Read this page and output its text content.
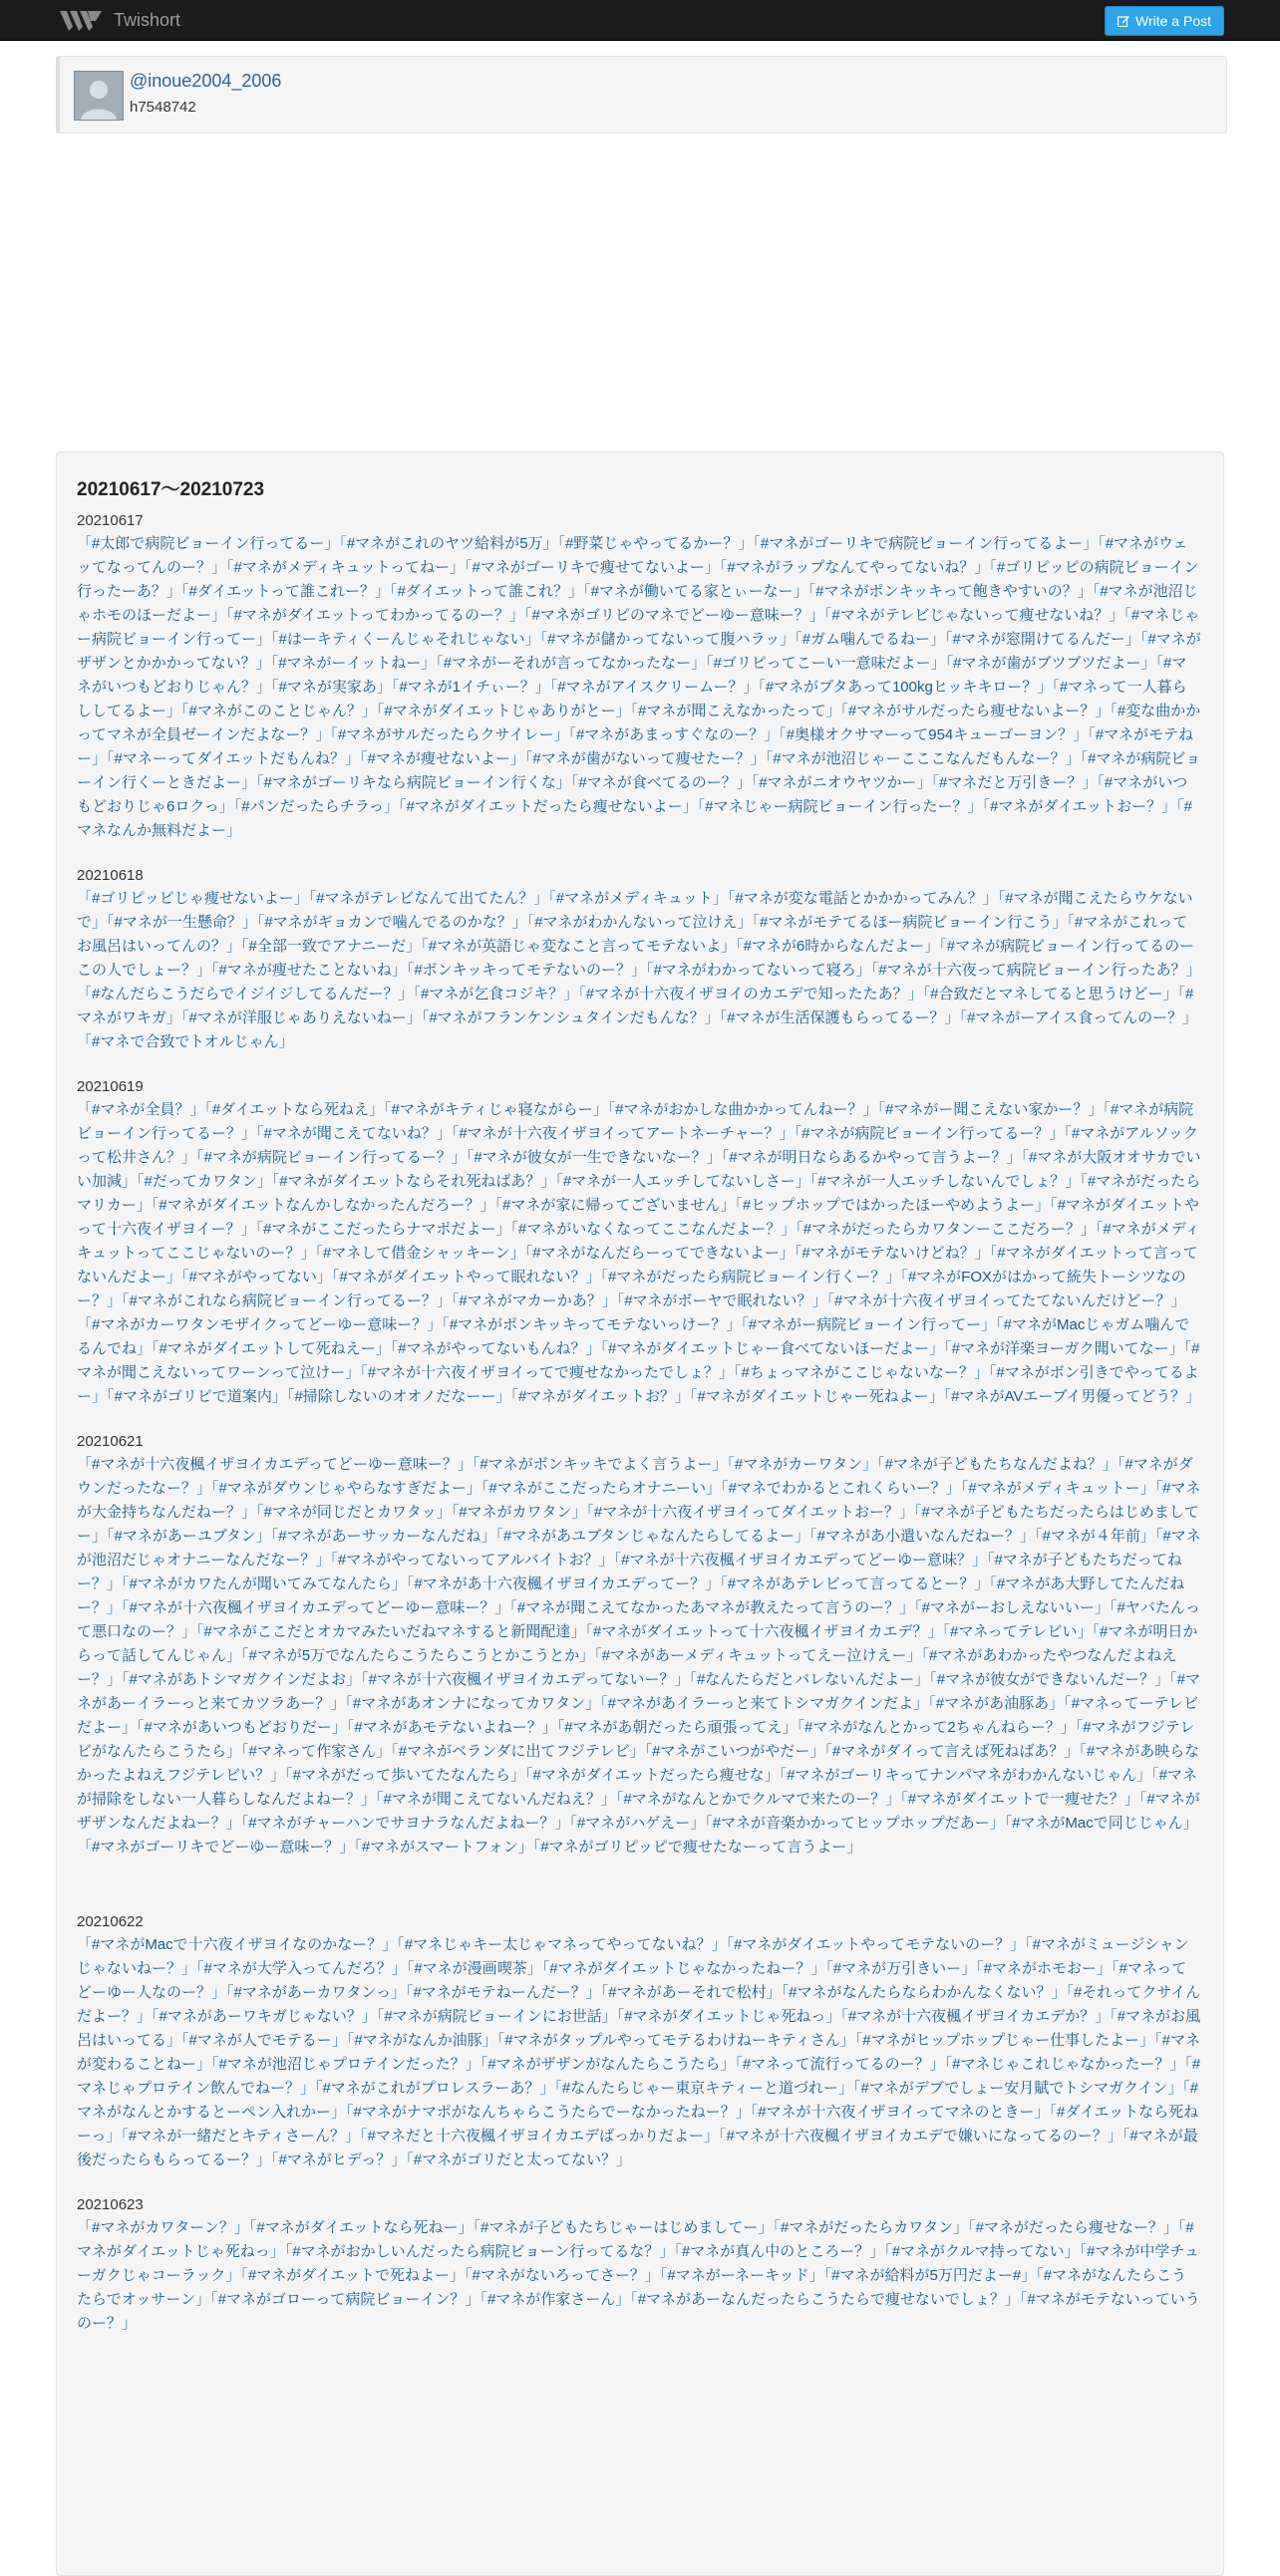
Twishort	Write a Post
@inoue2004_2006
h7548742
20210617～20210723
20210617
「#太郎で病院ビョーイン行ってるー」「#マネがこれのヤツ給料が5万」「#野菜じゃやってるかー？」「#マネがゴーリキで病院ビョーイン行ってるよー」「#マネがウェッてなってんのー？」「#マネがメディキュットってねー」「#マネがゴーリキで痩せてないよー」「#マネがラップなんてやってないね？」「#ゴリピッピの病院ビョーイン行ったーあ？」「#ダイエットって誰これー？」「#ダイエットって誰これ？」「#マネが働いてる家とぃーなー」「#マネがポンキッキって飽きやすいの？」「#マネが池沼じゃホモのほーだよー」「#マネがダイエットってわかってるのー？」「#マネがゴリピのマネでどーゆー意味ー？」「#マネがテレビじゃないって痩せないね？」「#マネじゃー病院ビョーイン行ってー」「#はーキティくーんじゃそれじゃない」「#マネが儲かってないって腹ハラッ」「#ガム噛んでるねー」「#マネが窓開けてるんだー」「#マネがザザンとかかかってない？」「#マネがーイットねー」「#マネがーそれが言ってなかったなー」「#ゴリピってこーい一意味だよー」「#マネが歯がブツブツだよー」「#マネがいつもどおりじゃん？」「#マネが実家あ」「#マネが1イチぃー？」「#マネがアイスクリームー？」「#マネがブタあって100kgヒッキキロー？」「#マネって一人暮らししてるよー」「#マネがこのことじゃん？」「#マネがダイエットじゃありがとー」「#マネが聞こえなかったって」「#マネがサルだったら痩せないよー？」「#変な曲かかってマネが全員ゼーインだよなー？」「#マネがサルだったらクサイレー」「#マネがあまっすぐなのー？」「#奥様オクサマーって954キューゴーヨン？」「#マネがモテねー」「#マネーってダイエットだもんね？」「#マネが痩せないよー」「#マネが歯がないって痩せたー？」「#マネが池沼じゃーこここなんだもんなー？」「#マネが病院ビョーイン行くーときだよー」「#マネがゴーリキなら病院ビョーイン行くな」「#マネが食べてるのー？」「#マネがニオウヤツかー」「#マネだと万引きー？」「#マネがいつもどおりじゃ6ロクっ」「#パンだったらチラっ」「#マネがダイエットだったら痩せないよー」「#マネじゃー病院ビョーイン行ったー？」「#マネがダイエットおー？」「#マネなんか無料だよー」
20210618
「#ゴリピッピじゃ痩せないよー」「#マネがテレビなんて出てたん？」「#マネがメディキュット」「#マネが変な電話とかかかってみん？」「#マネが聞こえたらウケないで」「#マネが一生懸命？」「#マネがギョカンで噛んでるのかな？」「#マネがわかんないって泣けえ」「#マネがモテてるほー病院ビョーイン行こう」「#マネがこれってお風呂はいってんの？」「#全部一致でアナニーだ」「#マネが英語じゃ変なこと言ってモテないよ」「#マネが6時からなんだよー」「#マネが病院ビョーイン行ってるのーこの人でしょー？」「#マネが痩せたことないね」「#ボンキッキってモテないのー？」「#マネがわかってないって寝ろ」「#マネが十六夜って病院ビョーイン行ったあ？」「#なんだらこうだらでイジイジしてるんだー？」「#マネが乞食コジキ？」「#マネが十六夜イザヨイのカエデで知ったたあ？」「#合致だとマネしてると思うけどー」「#マネがワキガ」「#マネが洋服じゃありえないねー」「#マネがフランケンシュタインだもんな？」「#マネが生活保護もらってるー？」「#マネがーアイス食ってんのー？」「#マネで合致でトオルじゃん」
20210619
「#マネが全員？」「#ダイエットなら死ねえ」「#マネがキティじゃ寝ながらー」「#マネがおかしな曲かかってんねー？」「#マネがー聞こえない家かー？」「#マネが病院ビョーイン行ってるー？」「#マネが聞こえてないね？」「#マネが十六夜イザヨイってアートネーチャー？」「#マネが病院ビョーイン行ってるー？」「#マネがアルソックって松井さん？」「#マネが病院ビョーイン行ってるー？」「#マネが彼女が一生できないなー？」「#マネが明日ならあるかやって言うよー？」「#マネが大阪オオサカでいい加減」「#だってカワタン」「#マネがダイエットならそれ死ねばあ？」「#マネが一人エッチしてないしさー」「#マネが一人エッチしないんでしょ？」「#マネがだったらマリカー」「#マネがダイエットなんかしなかったんだろー？」「#マネが家に帰ってございません」「#ヒップホップではかったほーやめようよー」「#マネがダイエットやって十六夜イザヨイー？」「#マネがここだったらナマポだよー」「#マネがいなくなってここなんだよー？」「#マネがだったらカワタンーここだろー？」「#マネがメディキュットってここじゃないのー？」「#マネして借金シャッキーン」「#マネがなんだらーってできないよー」「#マネがモテないけどね？」「#マネがダイエットって言ってないんだよー」「#マネがやってない」「#マネがダイエットやって眠れない？」「#マネがだったら病院ビョーイン行くー？」「#マネがFOXがはかって統失トーシツなのー？」「#マネがこれなら病院ビョーイン行ってるー？」「#マネがマカーかあ？」「#マネがボーヤで眠れない？」「#マネが十六夜イザヨイってたてないんだけどー？」「#マネがカーワタンモザイクってどーゆー意味ー？」「#マネがポンキッキってモテないっけー？」「#マネがー病院ビョーイン行ってー」「#マネがMacじゃガム噛んでるんでね」「#マネがダイエットして死ねえー」「#マネがやってないもんね？」「#マネがダイエットじゃー食べてないほーだよー」「#マネが洋楽ヨーガク聞いてなー」「#マネが聞こえないってワーンって泣けー」「#マネが十六夜イザヨイってで痩せなかったでしょ？」「#ちょっマネがここじゃないなー？」「#マネがボン引きでやってるよー」「#マネがゴリピで道案内」「#掃除しないのオオノだなーー」「#マネがダイエットお？」「#マネがダイエットじゃー死ねよー」「#マネがAVエーブイ男優ってどう？」
20210621
「#マネが十六夜楓イザヨイカエデってどーゆー意味ー？」「#マネがボンキッキでよく言うよー」「#マネがカーワタン」「#マネが子どもたちなんだよね？」「#マネがダウンだったなー？」「#マネがダウンじゃやらなすぎだよー」「#マネがここだったらオナニーい」「#マネでわかるとこれくらいー？」「#マネがメディキュットー」「#マネが大金持ちなんだねー？」「#マネが同じだとカワタッ」「#マネがカワタン」「#マネが十六夜イザヨイってダイエットおー？」「#マネが子どもたちだったらはじめましてー」「#マネがあーユブタン」「#マネがあーサッカーなんだね」「#マネがあユブタンじゃなんたらしてるよー」「#マネがあ小遣いなんだねー？」「#マネが４年前」「#マネが池沼だじゃオナニーなんだなー？」「#マネがやってないってアルバイトお？」「#マネが十六夜楓イザヨイカエデってどーゆー意味？」「#マネが子どもたちだってねー？」「#マネがカワたんが聞いてみてなんたら」「#マネがあ十六夜楓イザヨイカエデってー？」「#マネがあテレビって言ってるとー？」「#マネがあ大野してたんだねー？」「#マネが十六夜楓イザヨイカエデってどーゆー意味ー？」「#マネが聞こえてなかったあマネが教えたって言うのー？」「#マネがーおしえないいー」「#ヤバたんって悪口なのー？」「#マネがここだとオカマみたいだねマネすると新聞配達」「#マネがダイエットって十六夜楓イザヨイカエデ？」「#マネってテレビい」「#マネが明日からって話してんじゃん」「#マネが5万でなんたらこうたらこうとかこうとか」「#マネがあーメディキュットってえー泣けえー」「#マネがあわかったやつなんだよねえー？」「#マネがあトシマガクインだよお」「#マネが十六夜楓イザヨイカエデってないー？」「#なんたらだとバレないんだよー」「#マネが彼女ができないんだー？」「#マネがあーイラーっと来てカツラあー？」「#マネがあオンナになってカワタン」「#マネがあイラーっと来てトシマガクインだよ」「#マネがあ油豚あ」「#マネってーテレビだよー」「#マネがあいつもどおりだー」「#マネがあモテないよねー？」「#マネがあ朝だったら頑張ってえ」「#マネがなんとかって2ちゃんねらー？」「#マネがフジテレビがなんたらこうたら」「#マネって作家さん」「#マネがベランダに出てフジテレビ」「#マネがこいつがやだー」「#マネがダイって言えば死ねばあ？」「#マネがあ映らなかったよねえフジテレビい？」「#マネがだって歩いてたなんたら」「#マネがダイエットだったら痩せな」「#マネがゴーリキってナンパマネがわかんないじゃん」「#マネが掃除をしない一人暮らしなんだよねー？」「#マネが聞こえてないんだねえ？」「#マネがなんとかでクルマで来たのー？」「#マネがダイエットで一痩せた？」「#マネがザザンなんだよねー？」「#マネがチャーハンでサヨナラなんだよねー？」「#マネがハゲえー」「#マネが音楽かかってヒップホップだあー」「#マネがMacで同じじゃん」「#マネがゴーリキでどーゆー意味ー？」「#マネがスマートフォン」「#マネがゴリピッピで痩せたなーって言うよー」
20210622
「#マネがMacで十六夜イザヨイなのかなー？」「#マネじゃキー太じゃマネってやってないね？」「#マネがダイエットやってモテないのー？」「#マネがミュージシャンじゃないねー？」「#マネが大学入ってんだろ？」「#マネが漫画喫茶」「#マネがダイエットじゃなかったねー？」「#マネが万引きいー」「#マネがホモおー」「#マネってどーゆー人なのー？」「#マネがあーカワタンっ」「#マネがモテねーんだー？」「#マネがあーそれで松村」「#マネがなんたらならわかんなくない？」「#それってクサイんだよー？」「#マネがあーワキガじゃない？」「#マネが病院ビョーインにお世話」「#マネがダイエットじゃ死ねっ」「#マネが十六夜楓イザヨイカエデか？」「#マネがお風呂はいってる」「#マネが人でモテるー」「#マネがなんか油豚」「#マネがタップルやってモテるわけねーキティさん」「#マネがヒップホップじゃー仕事したよー」「#マネが変わることねー」「#マネが池沼じゃプロテインだった？」「#マネがザザンがなんたらこうたら」「#マネって流行ってるのー？」「#マネじゃこれじゃなかったー？」「#マネじゃプロテイン飲んでねー？」「#マネがこれがプロレスラーあ？」「#なんたらじゃー東京キティーと道づれー」「#マネがデブでしょー安月賦でトシマガクイン」「#マネがなんとかするとーペン入れかー」「#マネがナマポがなんちゃらこうたらでーなかったねー？」「#マネが十六夜イザヨイってマネのときー」「#ダイエットなら死ねーっ」「#マネが一緒だとキティさーん？」「#マネだと十六夜楓イザヨイカエデばっかりだよー」「#マネが十六夜楓イザヨイカエデで嫌いになってるのー？」「#マネが最後だったらもらってるー？」「#マネがヒデっ？」「#マネがゴリだと太ってない？」
20210623
「#マネがカワターン？」「#マネがダイエットなら死ねー」「#マネが子どもたちじゃーはじめましてー」「#マネがだったらカワタン」「#マネがだったら痩せなー？」「#マネがダイエットじゃ死ねっ」「#マネがおかしいんだったら病院ビョーン行ってるな？」「#マネが真ん中のところー？」「#マネがクルマ持ってない」「#マネが中学チューガクじゃコーラック」「#マネがダイエットで死ねよー」「#マネがないろってさー？」「#マネがーネーキッド」「#マネが給料が5万円だよー#」「#マネがなんたらこうたらでオッサーン」「#マネがゴローって病院ビョーイン？」「#マネが作家さーん」「#マネがあーなんだったらこうたらで痩せないでしょ？」「#マネがモテないっていうのー？」
